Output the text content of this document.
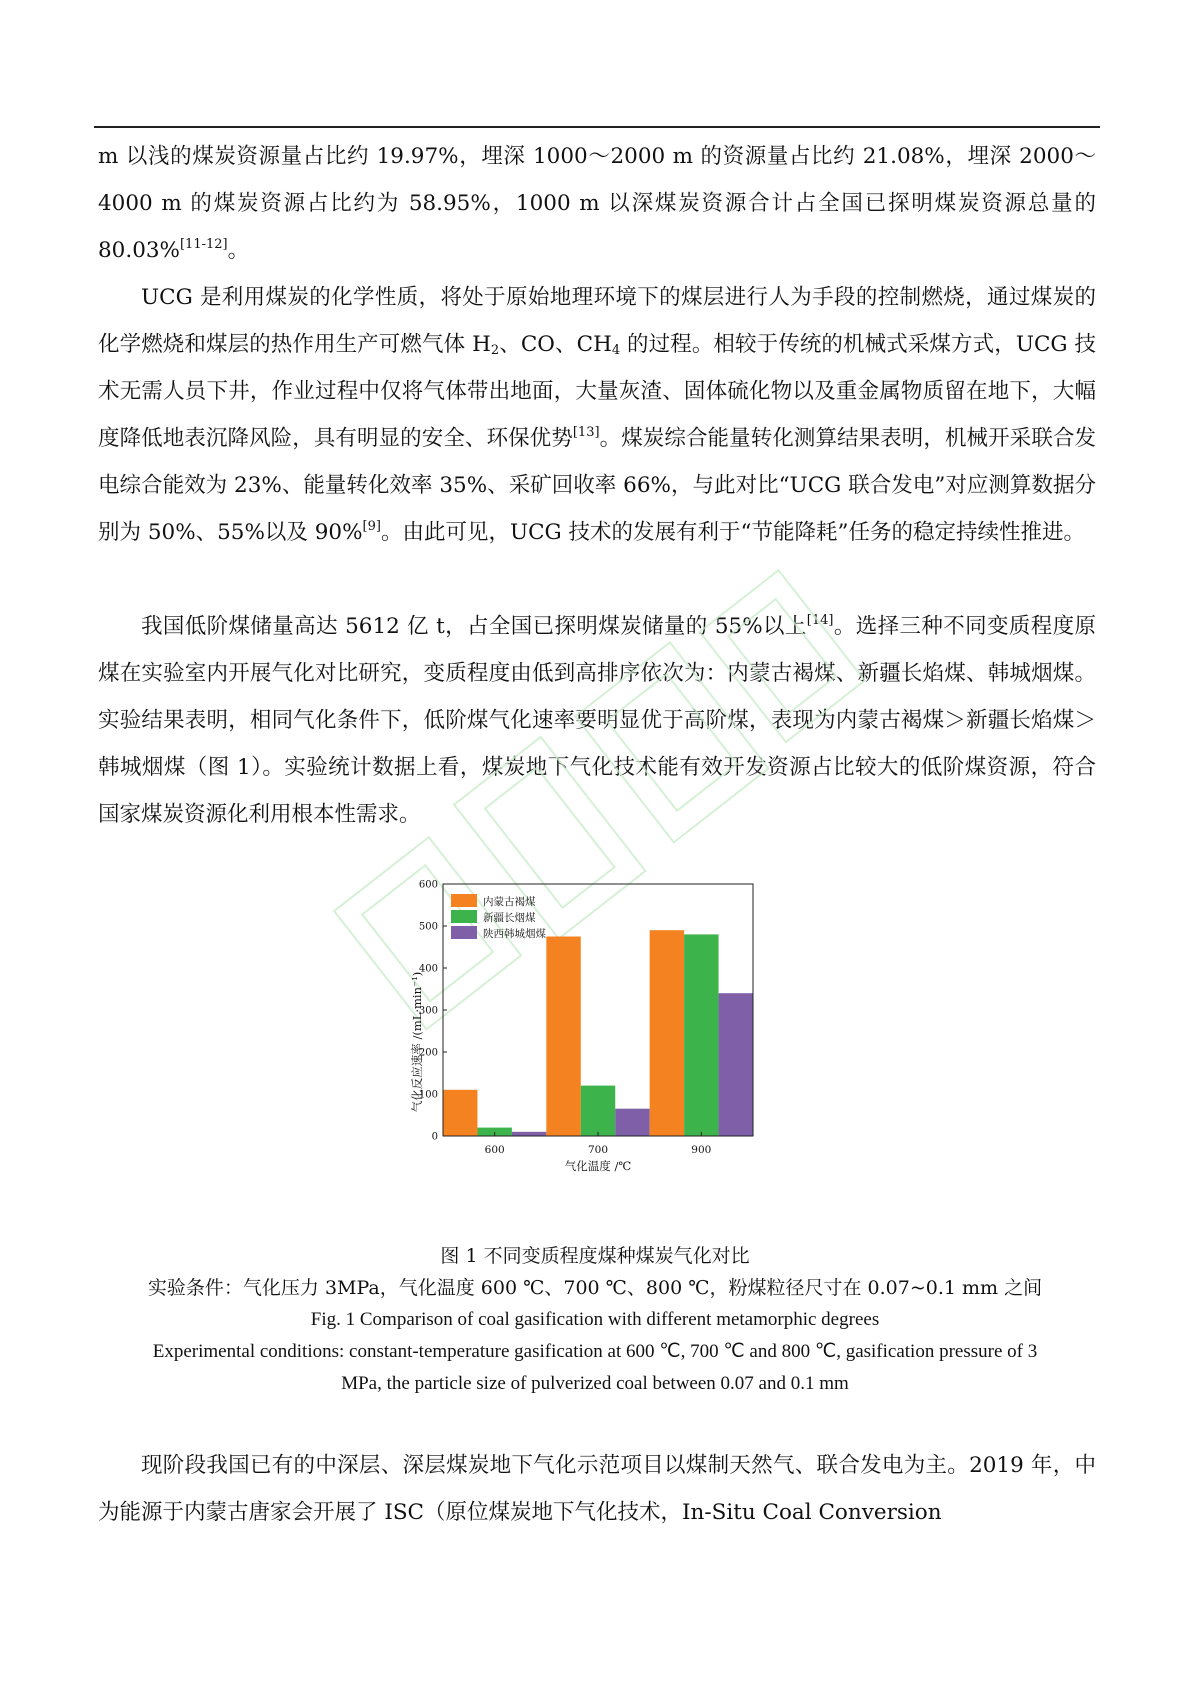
m 以浅的煤炭资源量占比约 19.97%，埋深 1000～2000 m 的资源量占比约 21.08%，埋深 2000～4000 m 的煤炭资源占比约为 58.95%，1000 m 以深煤炭资源合计占全国已探明煤炭资源总量的 80.03%[11-12]。

UCG 是利用煤炭的化学性质，将处于原始地理环境下的煤层进行人为手段的控制燃烧，通过煤炭的化学燃烧和煤层的热作用生产可燃气体 $H_2$、CO、$CH_4$ 的过程。相较于传统的机械式采煤方式，UCG 技术无需人员下井，作业过程中仅将气体带出地面，大量灰渣、固体硫化物以及重金属物质留在地下，大幅度降低地表沉降风险，具有明显的安全、环保优势[13]。煤炭综合能量转化测算结果表明，机械开采联合发电综合能效为 23%、能量转化效率 35%、采矿回收率 66%，与此对比“UCG 联合发电”对应测算数据分别为 50%、55%以及 90%[9]。由此可见，UCG 技术的发展有利于“节能降耗”任务的稳定持续性推进。

我国低阶煤储量高达 5612 亿 t，占全国已探明煤炭储量的 55%以上[14]。选择三种不同变质程度原煤在实验室内开展气化对比研究，变质程度由低到高排序依次为：内蒙古褐煤、新疆长焰煤、韩城烟煤。实验结果表明，相同气化条件下，低阶煤气化速率要明显优于高阶煤，表现为内蒙古褐煤＞新疆长焰煤＞韩城烟煤（图 1）。实验统计数据上看，煤炭地下气化技术能有效开发资源占比较大的低阶煤资源，符合国家煤炭资源化利用根本性需求。

气化反应速率 /(mL·min⁻¹)
0
100
200
300
400
500
600
600	700	900
气化温度 /℃
内蒙古褐煤
新疆长烟煤
陕西韩城烟煤
图 1 不同变质程度煤种煤炭气化对比
实验条件：气化压力 3MPa，气化温度 600 ℃、700 ℃、800 ℃，粉煤粒径尺寸在 0.07~0.1 mm 之间
Fig. 1 Comparison of coal gasification with different metamorphic degrees
Experimental conditions: constant-temperature gasification at 600 ℃, 700 ℃ and 800 ℃, gasification pressure of 3
MPa, the particle size of pulverized coal between 0.07 and 0.1 mm

现阶段我国已有的中深层、深层煤炭地下气化示范项目以煤制天然气、联合发电为主。2019 年，中为能源于内蒙古唐家会开展了 ISC（原位煤炭地下气化技术，In-Situ Coal Conversion
